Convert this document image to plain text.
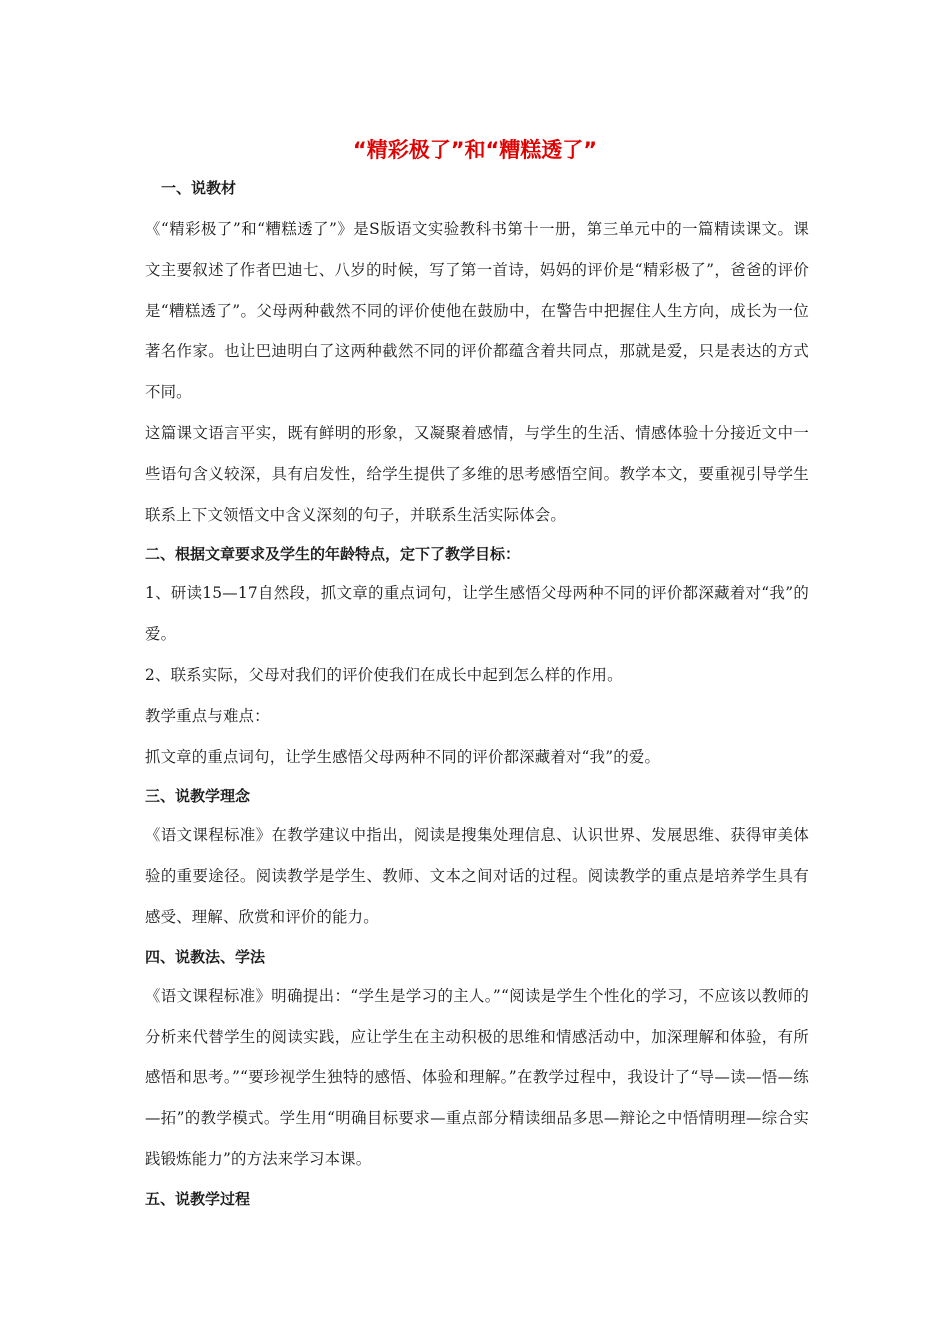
“精彩极了”和“糟糕透了”
一、说教材

《“精彩极了”和“糟糕透了”》是S版语文实验教科书第十一册，第三单元中的一篇精读课文。课文主要叙述了作者巴迪七、八岁的时候，写了第一首诗，妈妈的评价是“精彩极了”，爸爸的评价是“糟糕透了”。父母两种截然不同的评价使他在鼓励中，在警告中把握住人生方向，成长为一位著名作家。也让巴迪明白了这两种截然不同的评价都蕴含着共同点，那就是爱，只是表达的方式不同。

这篇课文语言平实，既有鲜明的形象，又凝聚着感情，与学生的生活、情感体验十分接近文中一些语句含义较深，具有启发性，给学生提供了多维的思考感悟空间。教学本文，要重视引导学生联系上下文领悟文中含义深刻的句子，并联系生活实际体会。

二、根据文章要求及学生的年龄特点，定下了教学目标：

1、研读15—17自然段，抓文章的重点词句，让学生感悟父母两种不同的评价都深藏着对“我”的爱。

2、联系实际，父母对我们的评价使我们在成长中起到怎么样的作用。

教学重点与难点：

抓文章的重点词句，让学生感悟父母两种不同的评价都深藏着对“我”的爱。

三、说教学理念

《语文课程标准》在教学建议中指出，阅读是搜集处理信息、认识世界、发展思维、获得审美体验的重要途径。阅读教学是学生、教师、文本之间对话的过程。阅读教学的重点是培养学生具有感受、理解、欣赏和评价的能力。

四、说教法、学法

《语文课程标准》明确提出：“学生是学习的主人。”“阅读是学生个性化的学习，不应该以教师的分析来代替学生的阅读实践，应让学生在主动积极的思维和情感活动中，加深理解和体验，有所感悟和思考。”“要珍视学生独特的感悟、体验和理解。”在教学过程中，我设计了“导—读—悟—练—拓”的教学模式。学生用“明确目标要求—重点部分精读细品多思—辩论之中悟情明理—综合实践锻炼能力”的方法来学习本课。

五、说教学过程
